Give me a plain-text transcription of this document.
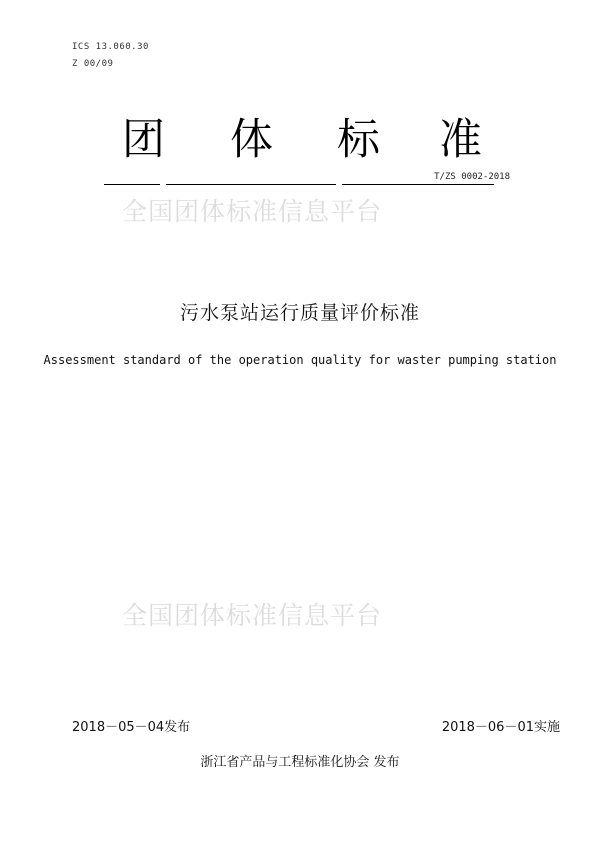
ICS 13.060.30
Z 00/09
团 体 标 准
T/ZS 0002-2018
全国团体标准信息平台
污水泵站运行质量评价标准
Assessment standard of the operation quality for waster pumping station
全国团体标准信息平台
2018－05－04发布	2018－06－01实施
浙江省产品与工程标准化协会 发布
